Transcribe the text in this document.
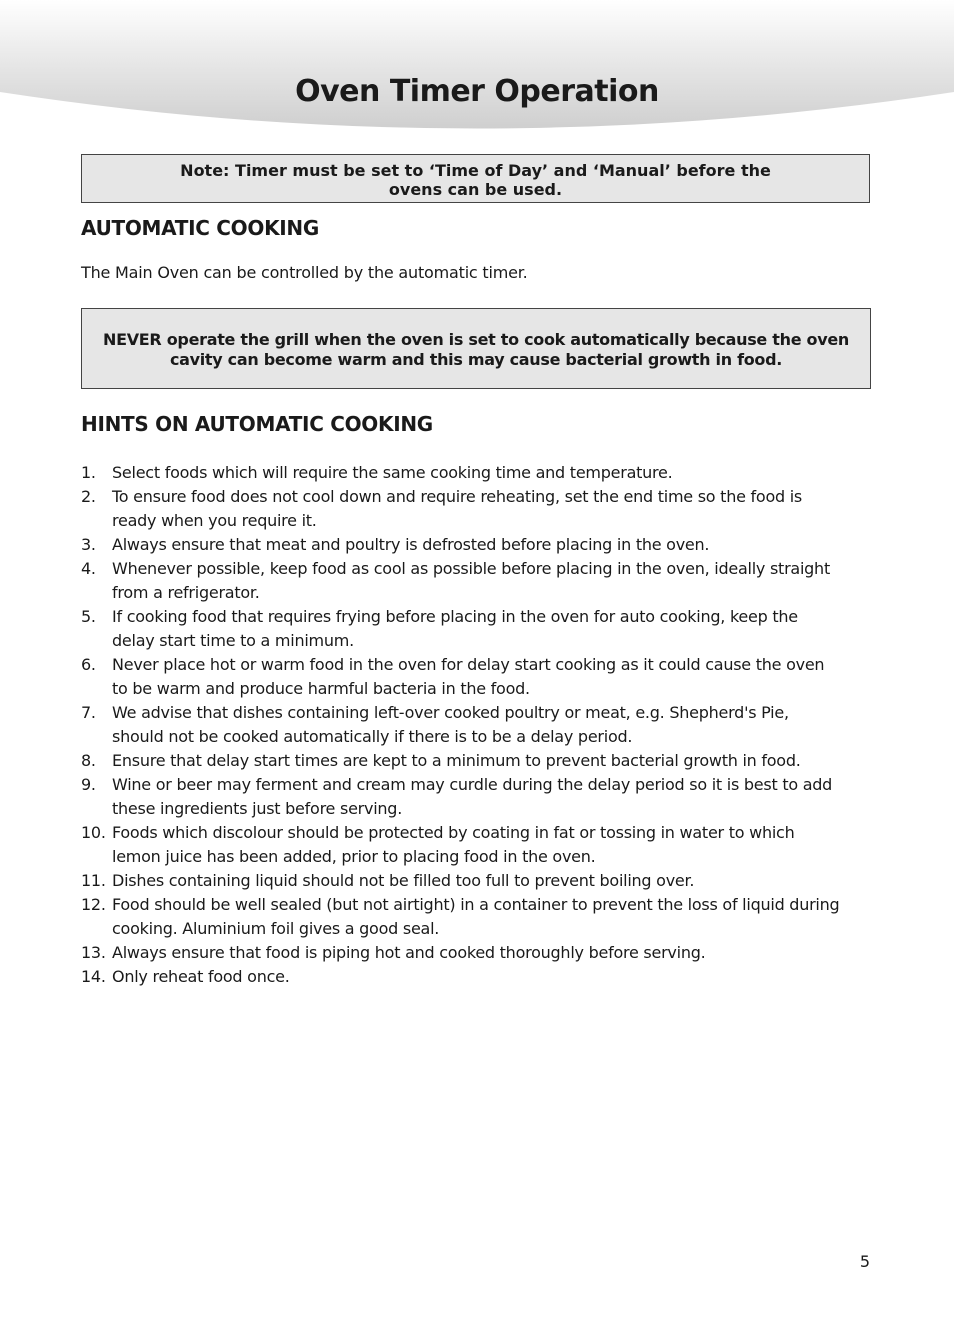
Oven Timer Operation
Note: Timer must be set to ‘Time of Day’ and ‘Manual’ before the ovens can be used.
AUTOMATIC COOKING

The Main Oven can be controlled by the automatic timer.

NEVER operate the grill when the oven is set to cook automatically because the oven cavity can become warm and this may cause bacterial growth in food.
HINTS ON AUTOMATIC COOKING
1. Select foods which will require the same cooking time and temperature.
2. To ensure food does not cool down and require reheating, set the end time so the food is ready when you require it.
3. Always ensure that meat and poultry is defrosted before placing in the oven.
4. Whenever possible, keep food as cool as possible before placing in the oven, ideally straight from a refrigerator.
5. If cooking food that requires frying before placing in the oven for auto cooking, keep the delay start time to a minimum.
6. Never place hot or warm food in the oven for delay start cooking as it could cause the oven to be warm and produce harmful bacteria in the food.
7. We advise that dishes containing left-over cooked poultry or meat, e.g. Shepherd's Pie, should not be cooked automatically if there is to be a delay period.
8. Ensure that delay start times are kept to a minimum to prevent bacterial growth in food.
9. Wine or beer may ferment and cream may curdle during the delay period so it is best to add these ingredients just before serving.
10. Foods which discolour should be protected by coating in fat or tossing in water to which lemon juice has been added, prior to placing food in the oven.
11. Dishes containing liquid should not be filled too full to prevent boiling over.
12. Food should be well sealed (but not airtight) in a container to prevent the loss of liquid during cooking. Aluminium foil gives a good seal.
13. Always ensure that food is piping hot and cooked thoroughly before serving.
14. Only reheat food once.
5
